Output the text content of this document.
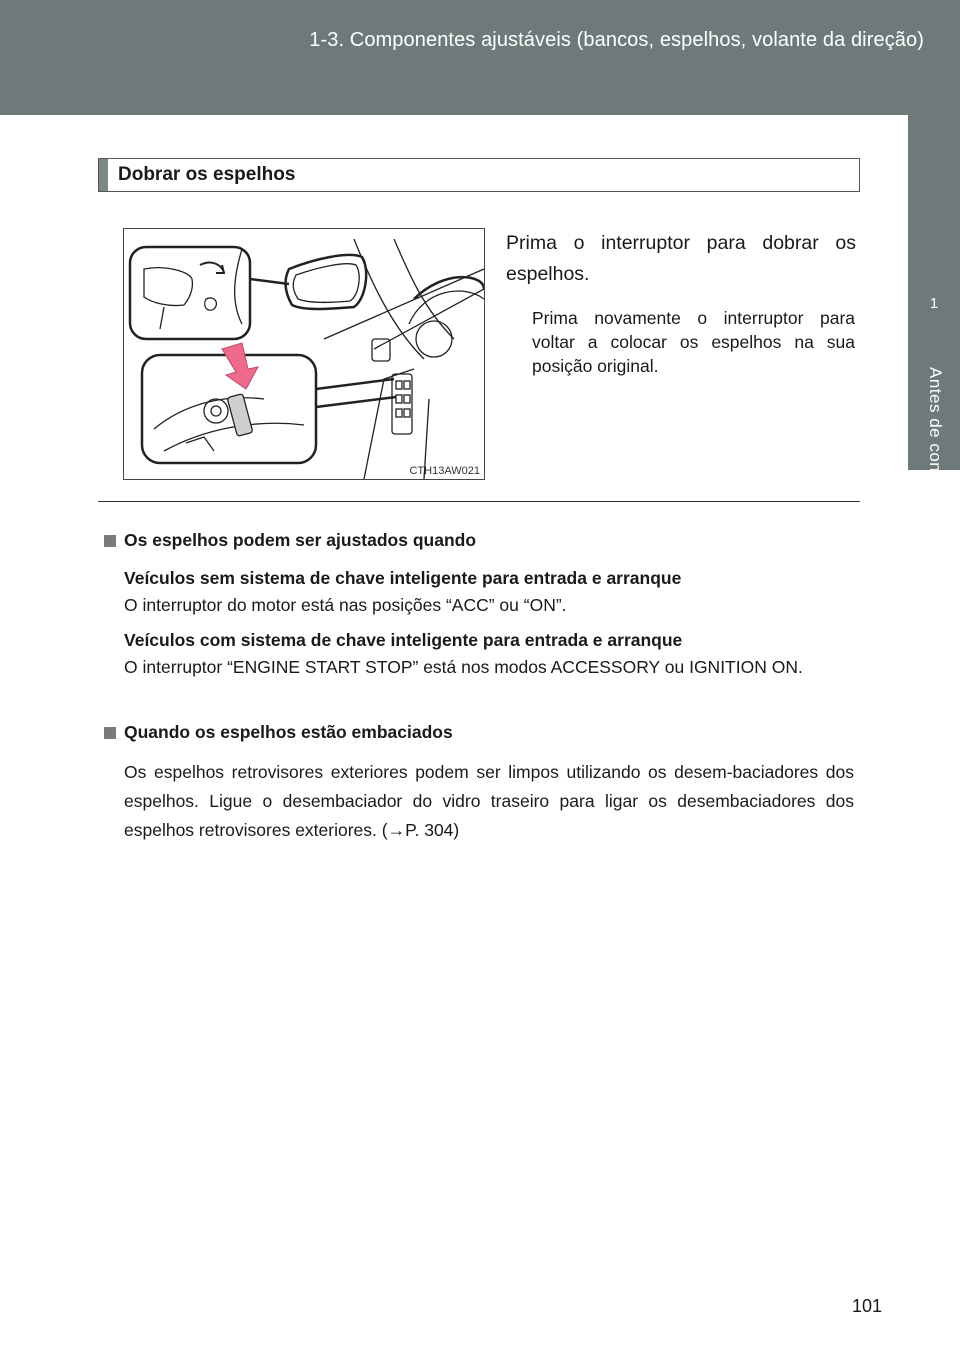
1-3. Componentes ajustáveis (bancos, espelhos, volante da direção)
1
Antes de conduzir
Dobrar os espelhos
CTH13AW021
Prima o interruptor para dobrar os espelhos.
Prima novamente o interruptor para voltar a colocar os espelhos na sua posição original.
Os espelhos podem ser ajustados quando
Veículos sem sistema de chave inteligente para entrada e arranque
O interruptor do motor está nas posições “ACC” ou “ON”.
Veículos com sistema de chave inteligente para entrada e arranque
O interruptor “ENGINE START STOP” está nos modos ACCESSORY ou IGNITION ON.
Quando os espelhos estão embaciados
Os espelhos retrovisores exteriores podem ser limpos utilizando os desem-baciadores dos espelhos. Ligue o desembaciador do vidro traseiro para ligar os desembaciadores dos espelhos retrovisores exteriores. (→P. 304)
101
